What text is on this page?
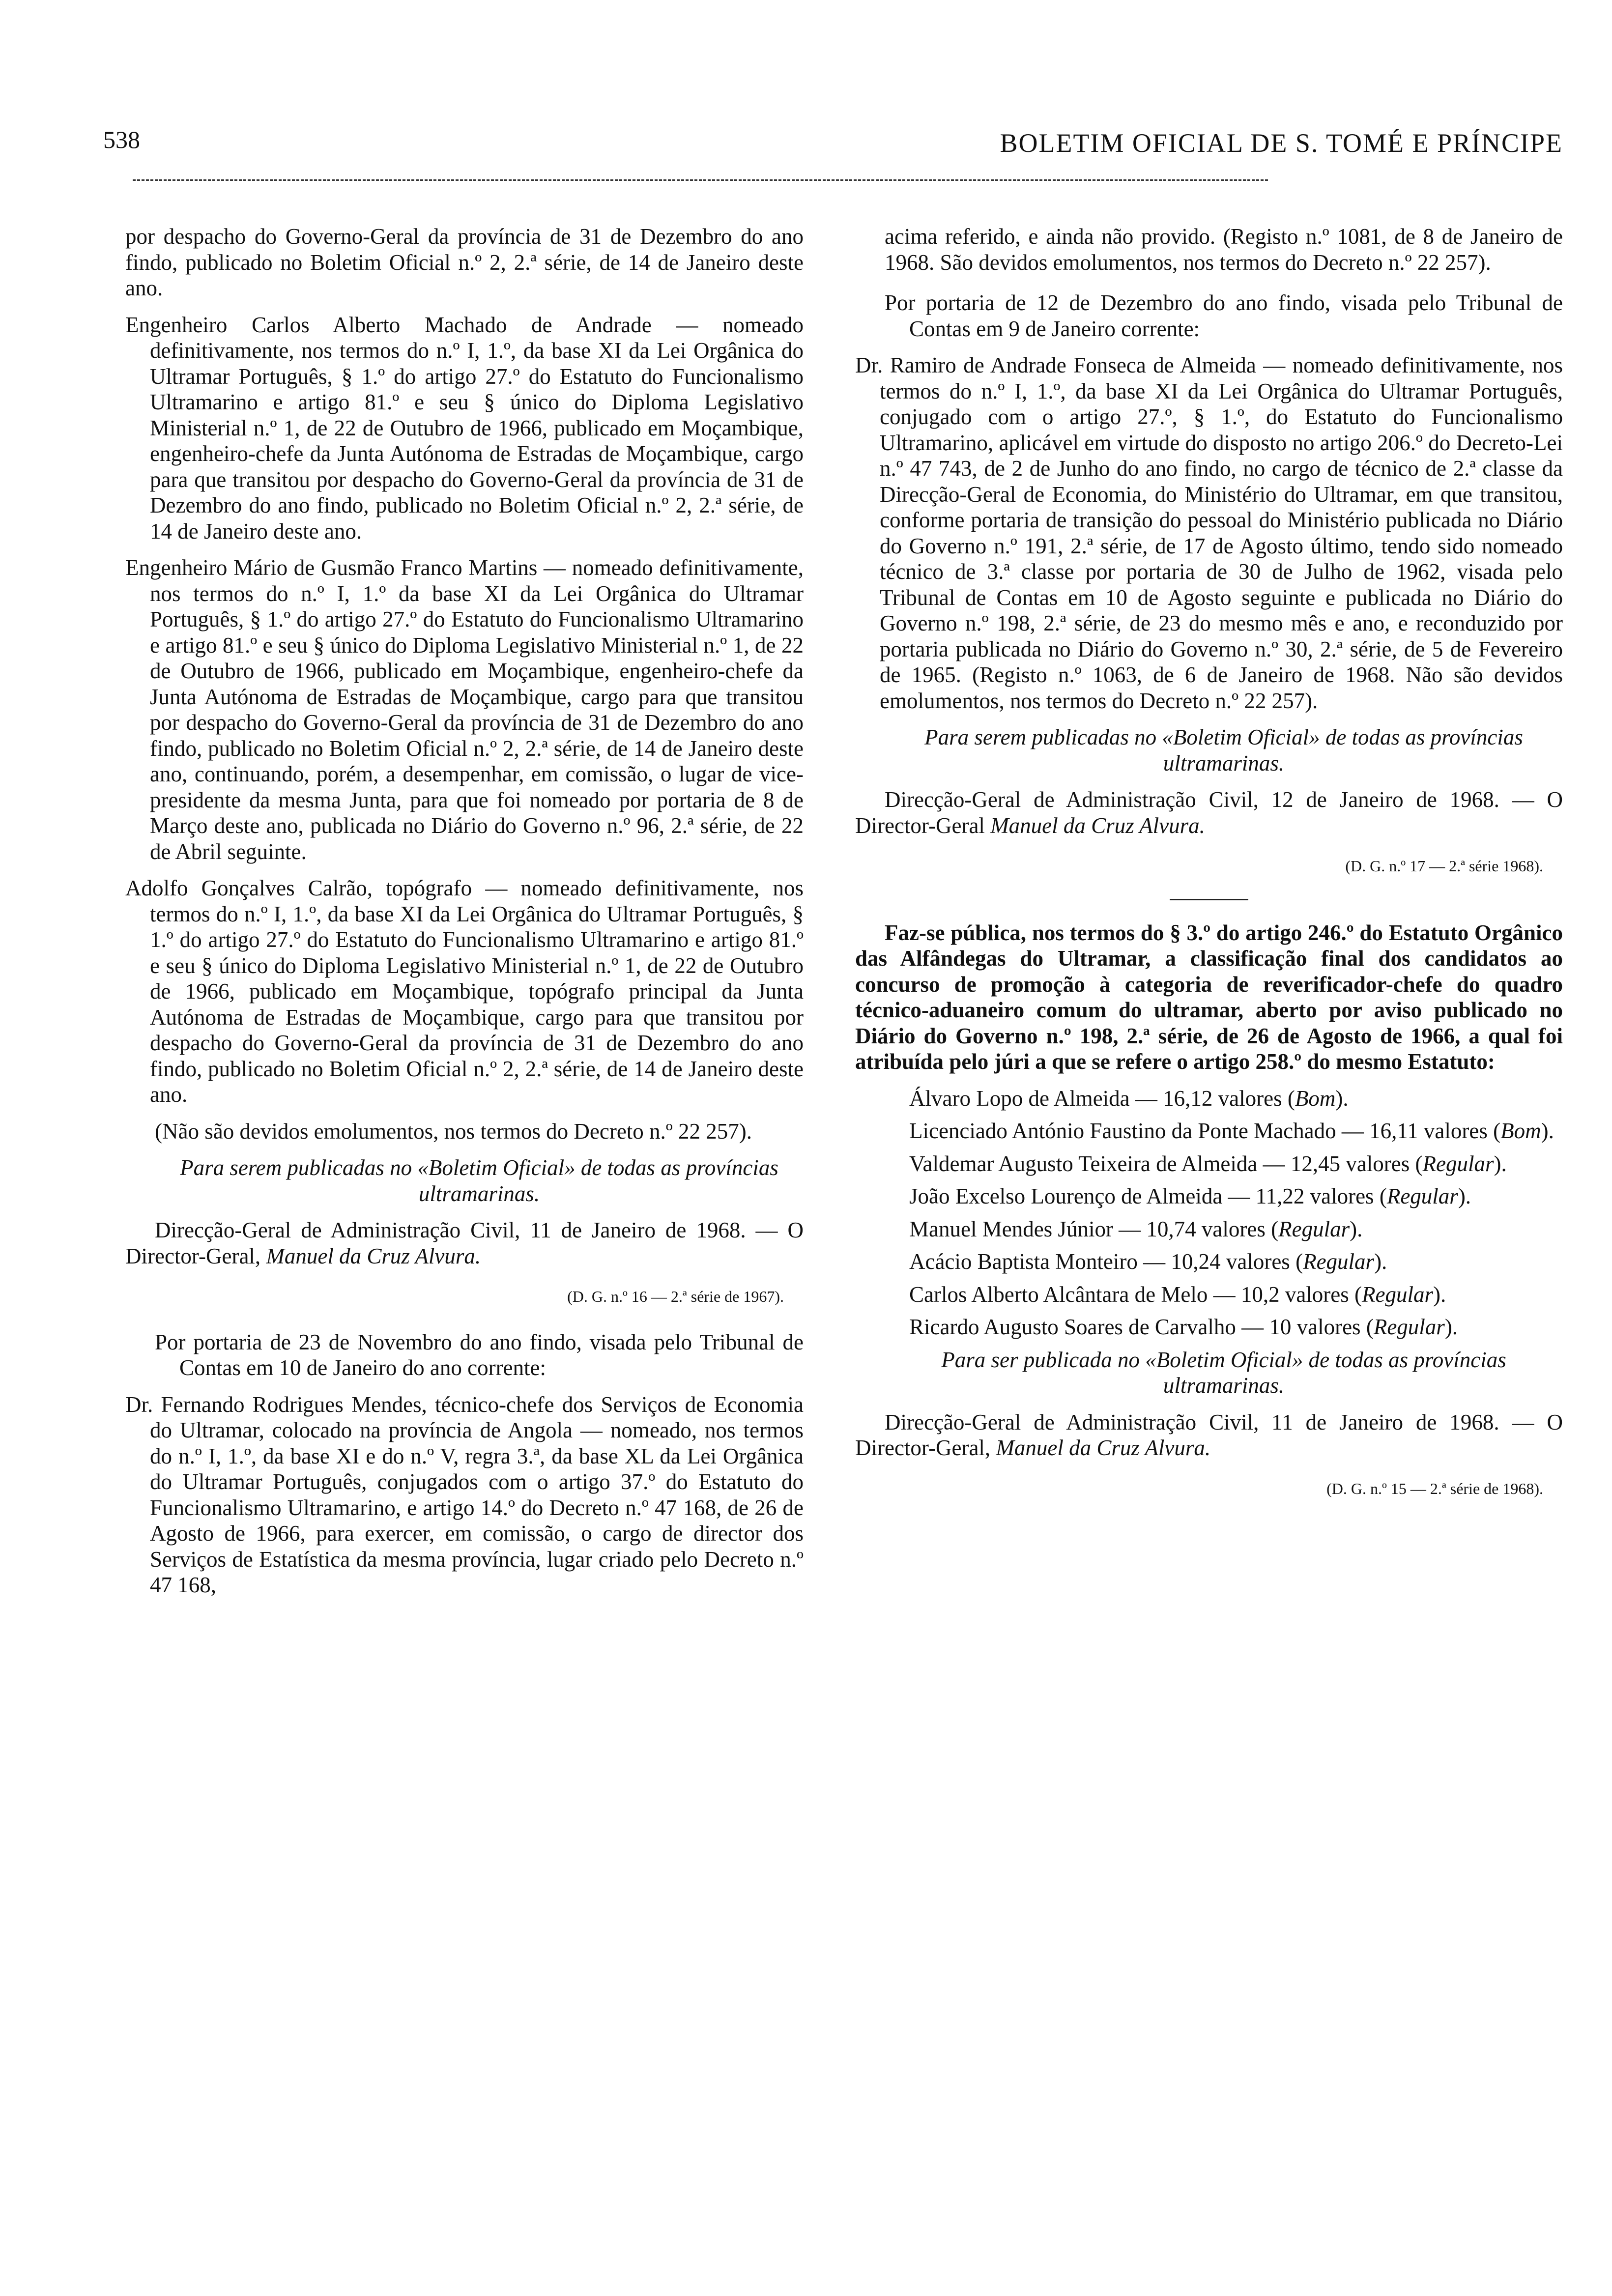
538	BOLETIM OFICIAL DE S. TOMÉ E PRÍNCIPE

por despacho do Governo-Geral da província de 31 de Dezembro do ano findo, publicado no Boletim Oficial n.º 2, 2.ª série, de 14 de Janeiro deste ano.

Engenheiro Carlos Alberto Machado de Andrade — nomeado definitivamente, nos termos do n.º I, 1.º, da base XI da Lei Orgânica do Ultramar Português, § 1.º do artigo 27.º do Estatuto do Funcionalismo Ultramarino e artigo 81.º e seu § único do Diploma Legislativo Ministerial n.º 1, de 22 de Outubro de 1966, publicado em Moçambique, engenheiro-chefe da Junta Autónoma de Estradas de Moçambique, cargo para que transitou por despacho do Governo-Geral da província de 31 de Dezembro do ano findo, publicado no Boletim Oficial n.º 2, 2.ª série, de 14 de Janeiro deste ano.

Engenheiro Mário de Gusmão Franco Martins — nomeado definitivamente, nos termos do n.º I, 1.º da base XI da Lei Orgânica do Ultramar Português, § 1.º do artigo 27.º do Estatuto do Funcionalismo Ultramarino e artigo 81.º e seu § único do Diploma Legislativo Ministerial n.º 1, de 22 de Outubro de 1966, publicado em Moçambique, engenheiro-chefe da Junta Autónoma de Estradas de Moçambique, cargo para que transitou por despacho do Governo-Geral da província de 31 de Dezembro do ano findo, publicado no Boletim Oficial n.º 2, 2.ª série, de 14 de Janeiro deste ano, continuando, porém, a desempenhar, em comissão, o lugar de vice-presidente da mesma Junta, para que foi nomeado por portaria de 8 de Março deste ano, publicada no Diário do Governo n.º 96, 2.ª série, de 22 de Abril seguinte.

Adolfo Gonçalves Calrão, topógrafo — nomeado definitivamente, nos termos do n.º I, 1.º, da base XI da Lei Orgânica do Ultramar Português, § 1.º do artigo 27.º do Estatuto do Funcionalismo Ultramarino e artigo 81.º e seu § único do Diploma Legislativo Ministerial n.º 1, de 22 de Outubro de 1966, publicado em Moçambique, topógrafo principal da Junta Autónoma de Estradas de Moçambique, cargo para que transitou por despacho do Governo-Geral da província de 31 de Dezembro do ano findo, publicado no Boletim Oficial n.º 2, 2.ª série, de 14 de Janeiro deste ano.

(Não são devidos emolumentos, nos termos do Decreto n.º 22 257).

Para serem publicadas no «Boletim Oficial» de todas as províncias ultramarinas.

Direcção-Geral de Administração Civil, 11 de Janeiro de 1968. — O Director-Geral, Manuel da Cruz Alvura.

(D. G. n.º 16 — 2.ª série de 1967).

Por portaria de 23 de Novembro do ano findo, visada pelo Tribunal de Contas em 10 de Janeiro do ano corrente:

Dr. Fernando Rodrigues Mendes, técnico-chefe dos Serviços de Economia do Ultramar, colocado na província de Angola — nomeado, nos termos do n.º I, 1.º, da base XI e do n.º V, regra 3.ª, da base XL da Lei Orgânica do Ultramar Português, conjugados com o artigo 37.º do Estatuto do Funcionalismo Ultramarino, e artigo 14.º do Decreto n.º 47 168, de 26 de Agosto de 1966, para exercer, em comissão, o cargo de director dos Serviços de Estatística da mesma província, lugar criado pelo Decreto n.º 47 168,

acima referido, e ainda não provido. (Registo n.º 1081, de 8 de Janeiro de 1968. São devidos emolumentos, nos termos do Decreto n.º 22 257).

Por portaria de 12 de Dezembro do ano findo, visada pelo Tribunal de Contas em 9 de Janeiro corrente:

Dr. Ramiro de Andrade Fonseca de Almeida — nomeado definitivamente, nos termos do n.º I, 1.º, da base XI da Lei Orgânica do Ultramar Português, conjugado com o artigo 27.º, § 1.º, do Estatuto do Funcionalismo Ultramarino, aplicável em virtude do disposto no artigo 206.º do Decreto-Lei n.º 47 743, de 2 de Junho do ano findo, no cargo de técnico de 2.ª classe da Direcção-Geral de Economia, do Ministério do Ultramar, em que transitou, conforme portaria de transição do pessoal do Ministério publicada no Diário do Governo n.º 191, 2.ª série, de 17 de Agosto último, tendo sido nomeado técnico de 3.ª classe por portaria de 30 de Julho de 1962, visada pelo Tribunal de Contas em 10 de Agosto seguinte e publicada no Diário do Governo n.º 198, 2.ª série, de 23 do mesmo mês e ano, e reconduzido por portaria publicada no Diário do Governo n.º 30, 2.ª série, de 5 de Fevereiro de 1965. (Registo n.º 1063, de 6 de Janeiro de 1968. Não são devidos emolumentos, nos termos do Decreto n.º 22 257).

Para serem publicadas no «Boletim Oficial» de todas as províncias ultramarinas.

Direcção-Geral de Administração Civil, 12 de Janeiro de 1968. — O Director-Geral Manuel da Cruz Alvura.

(D. G. n.º 17 — 2.ª série 1968).

Faz-se pública, nos termos do § 3.º do artigo 246.º do Estatuto Orgânico das Alfândegas do Ultramar, a classificação final dos candidatos ao concurso de promoção à categoria de reverificador-chefe do quadro técnico-aduaneiro comum do ultramar, aberto por aviso publicado no Diário do Governo n.º 198, 2.ª série, de 26 de Agosto de 1966, a qual foi atribuída pelo júri a que se refere o artigo 258.º do mesmo Estatuto:

Álvaro Lopo de Almeida — 16,12 valores (Bom).

Licenciado António Faustino da Ponte Machado — 16,11 valores (Bom).

Valdemar Augusto Teixeira de Almeida — 12,45 valores (Regular).

João Excelso Lourenço de Almeida — 11,22 valores (Regular).

Manuel Mendes Júnior — 10,74 valores (Regular).

Acácio Baptista Monteiro — 10,24 valores (Regular).

Carlos Alberto Alcântara de Melo — 10,2 valores (Regular).

Ricardo Augusto Soares de Carvalho — 10 valores (Regular).

Para ser publicada no «Boletim Oficial» de todas as províncias ultramarinas.

Direcção-Geral de Administração Civil, 11 de Janeiro de 1968. — O Director-Geral, Manuel da Cruz Alvura.

(D. G. n.º 15 — 2.ª série de 1968).
